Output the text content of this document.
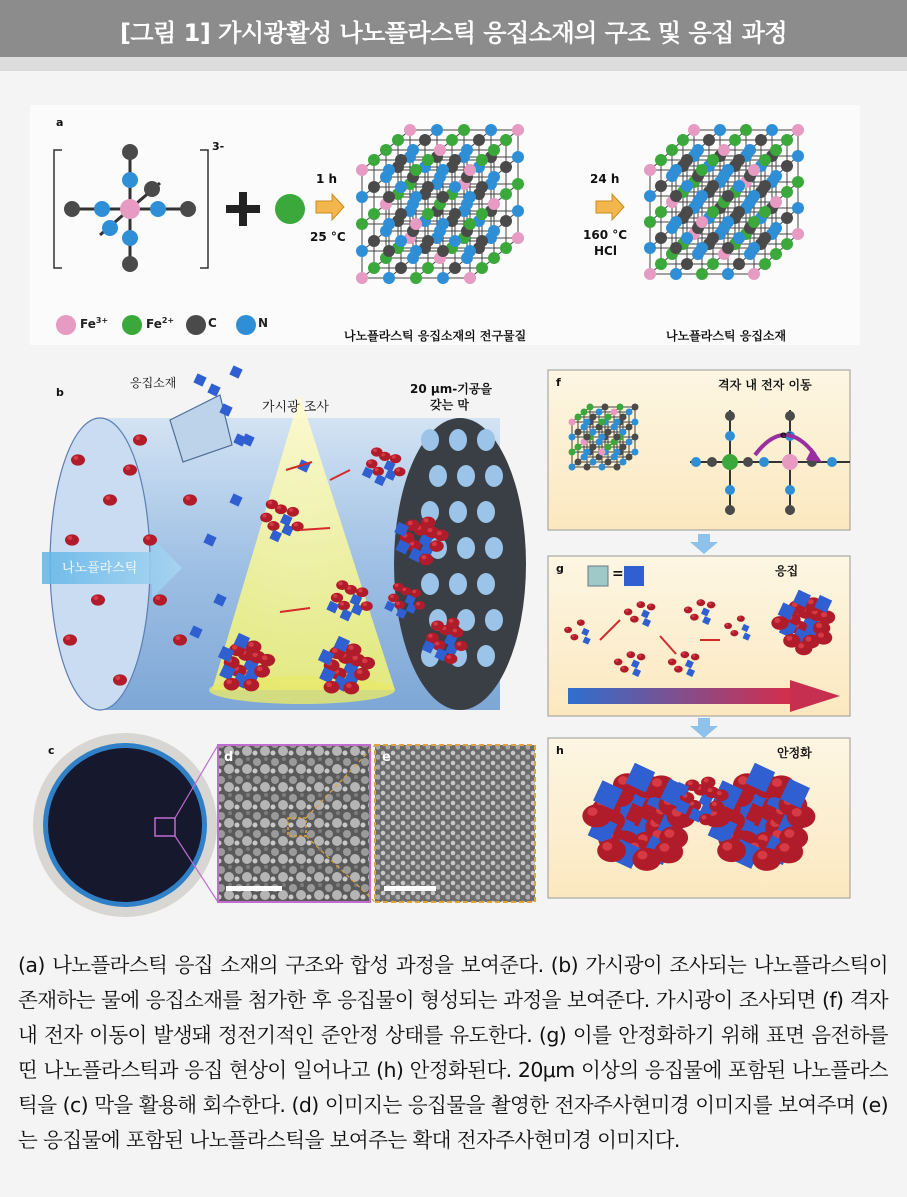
[그림 1] 가시광활성 나노플라스틱 응집소재의 구조 및 응집 과정
a
3-
1 h
25 °C
24 h
160 °C
HCl
나노플라스틱 응집소재의 전구물질	나노플라스틱 응집소재
$Fe^{3+}$	$Fe^{2+}$	C	N
b
응집소재
가시광 조사
20 μm-기공을
갖는 막
나노플라스틱
c	d	e
f	격자 내 전자 이동
e⁻
g	응집
=
h	안정화
(a) 나노플라스틱 응집 소재의 구조와 합성 과정을 보여준다. (b) 가시광이 조사되는 나노플라스틱이 존재하는 물에 응집소재를 첨가한 후 응집물이 형성되는 과정을 보여준다. 가시광이 조사되면 (f) 격자 내 전자 이동이 발생돼 정전기적인 준안정 상태를 유도한다. (g) 이를 안정화하기 위해 표면 음전하를 띤 나노플라스틱과 응집 현상이 일어나고 (h) 안정화된다. 20μm 이상의 응집물에 포함된 나노플라스틱을 (c) 막을 활용해 회수한다. (d) 이미지는 응집물을 촬영한 전자주사현미경 이미지를 보여주며 (e)는 응집물에 포함된 나노플라스틱을 보여주는 확대 전자주사현미경 이미지다.
